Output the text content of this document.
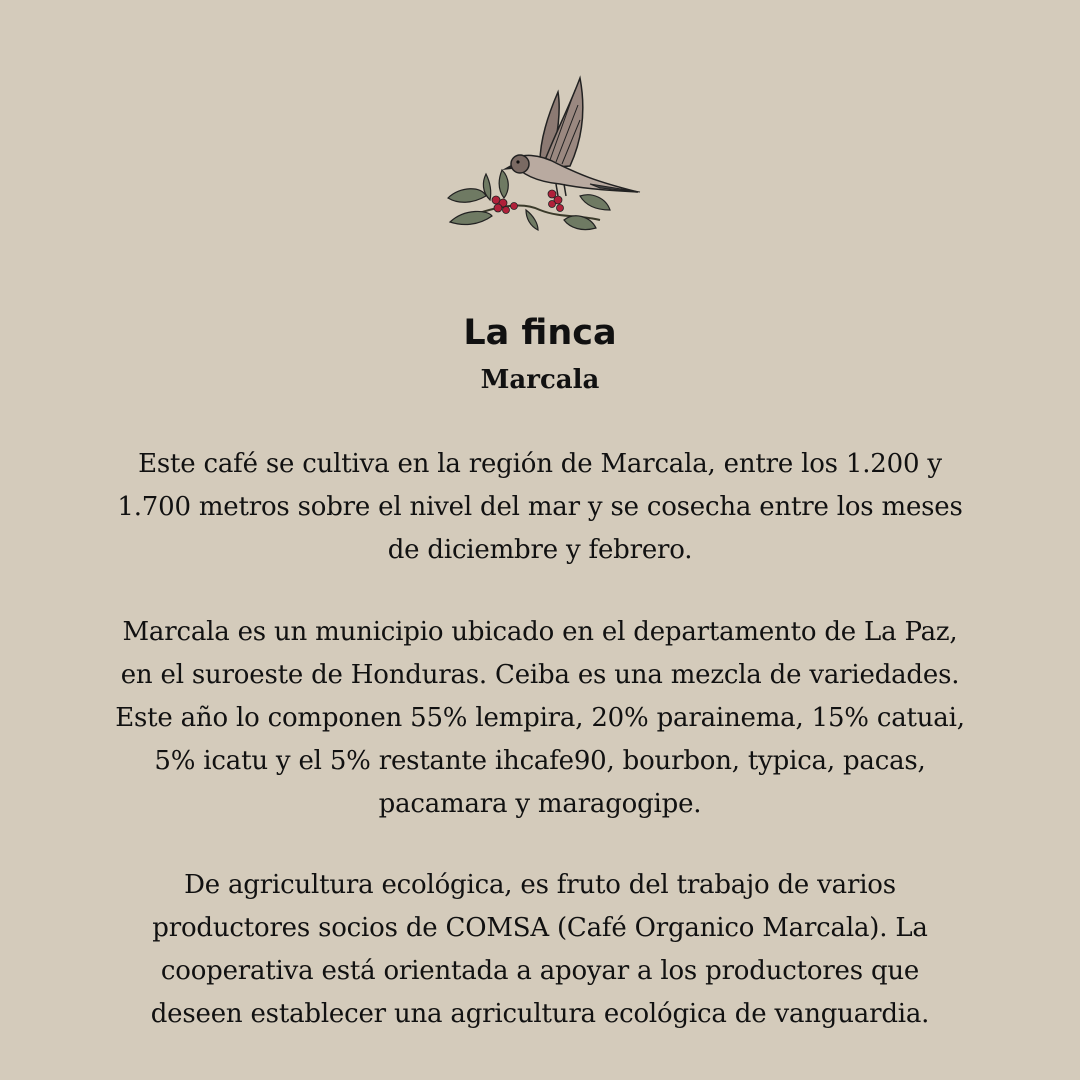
La finca
Marcala
Este café se cultiva en la región de Marcala, entre los 1.200 y
1.700 metros sobre el nivel del mar y se cosecha entre los meses
de diciembre y febrero.
Marcala es un municipio ubicado en el departamento de La Paz,
en el suroeste de Honduras. Ceiba es una mezcla de variedades.
Este año lo componen 55% lempira, 20% parainema, 15% catuai,
5% icatu y el 5% restante ihcafe90, bourbon, typica, pacas,
pacamara y maragogipe.
De agricultura ecológica, es fruto del trabajo de varios
productores socios de COMSA (Café Organico Marcala). La
cooperativa está orientada a apoyar a los productores que
deseen establecer una agricultura ecológica de vanguardia.
